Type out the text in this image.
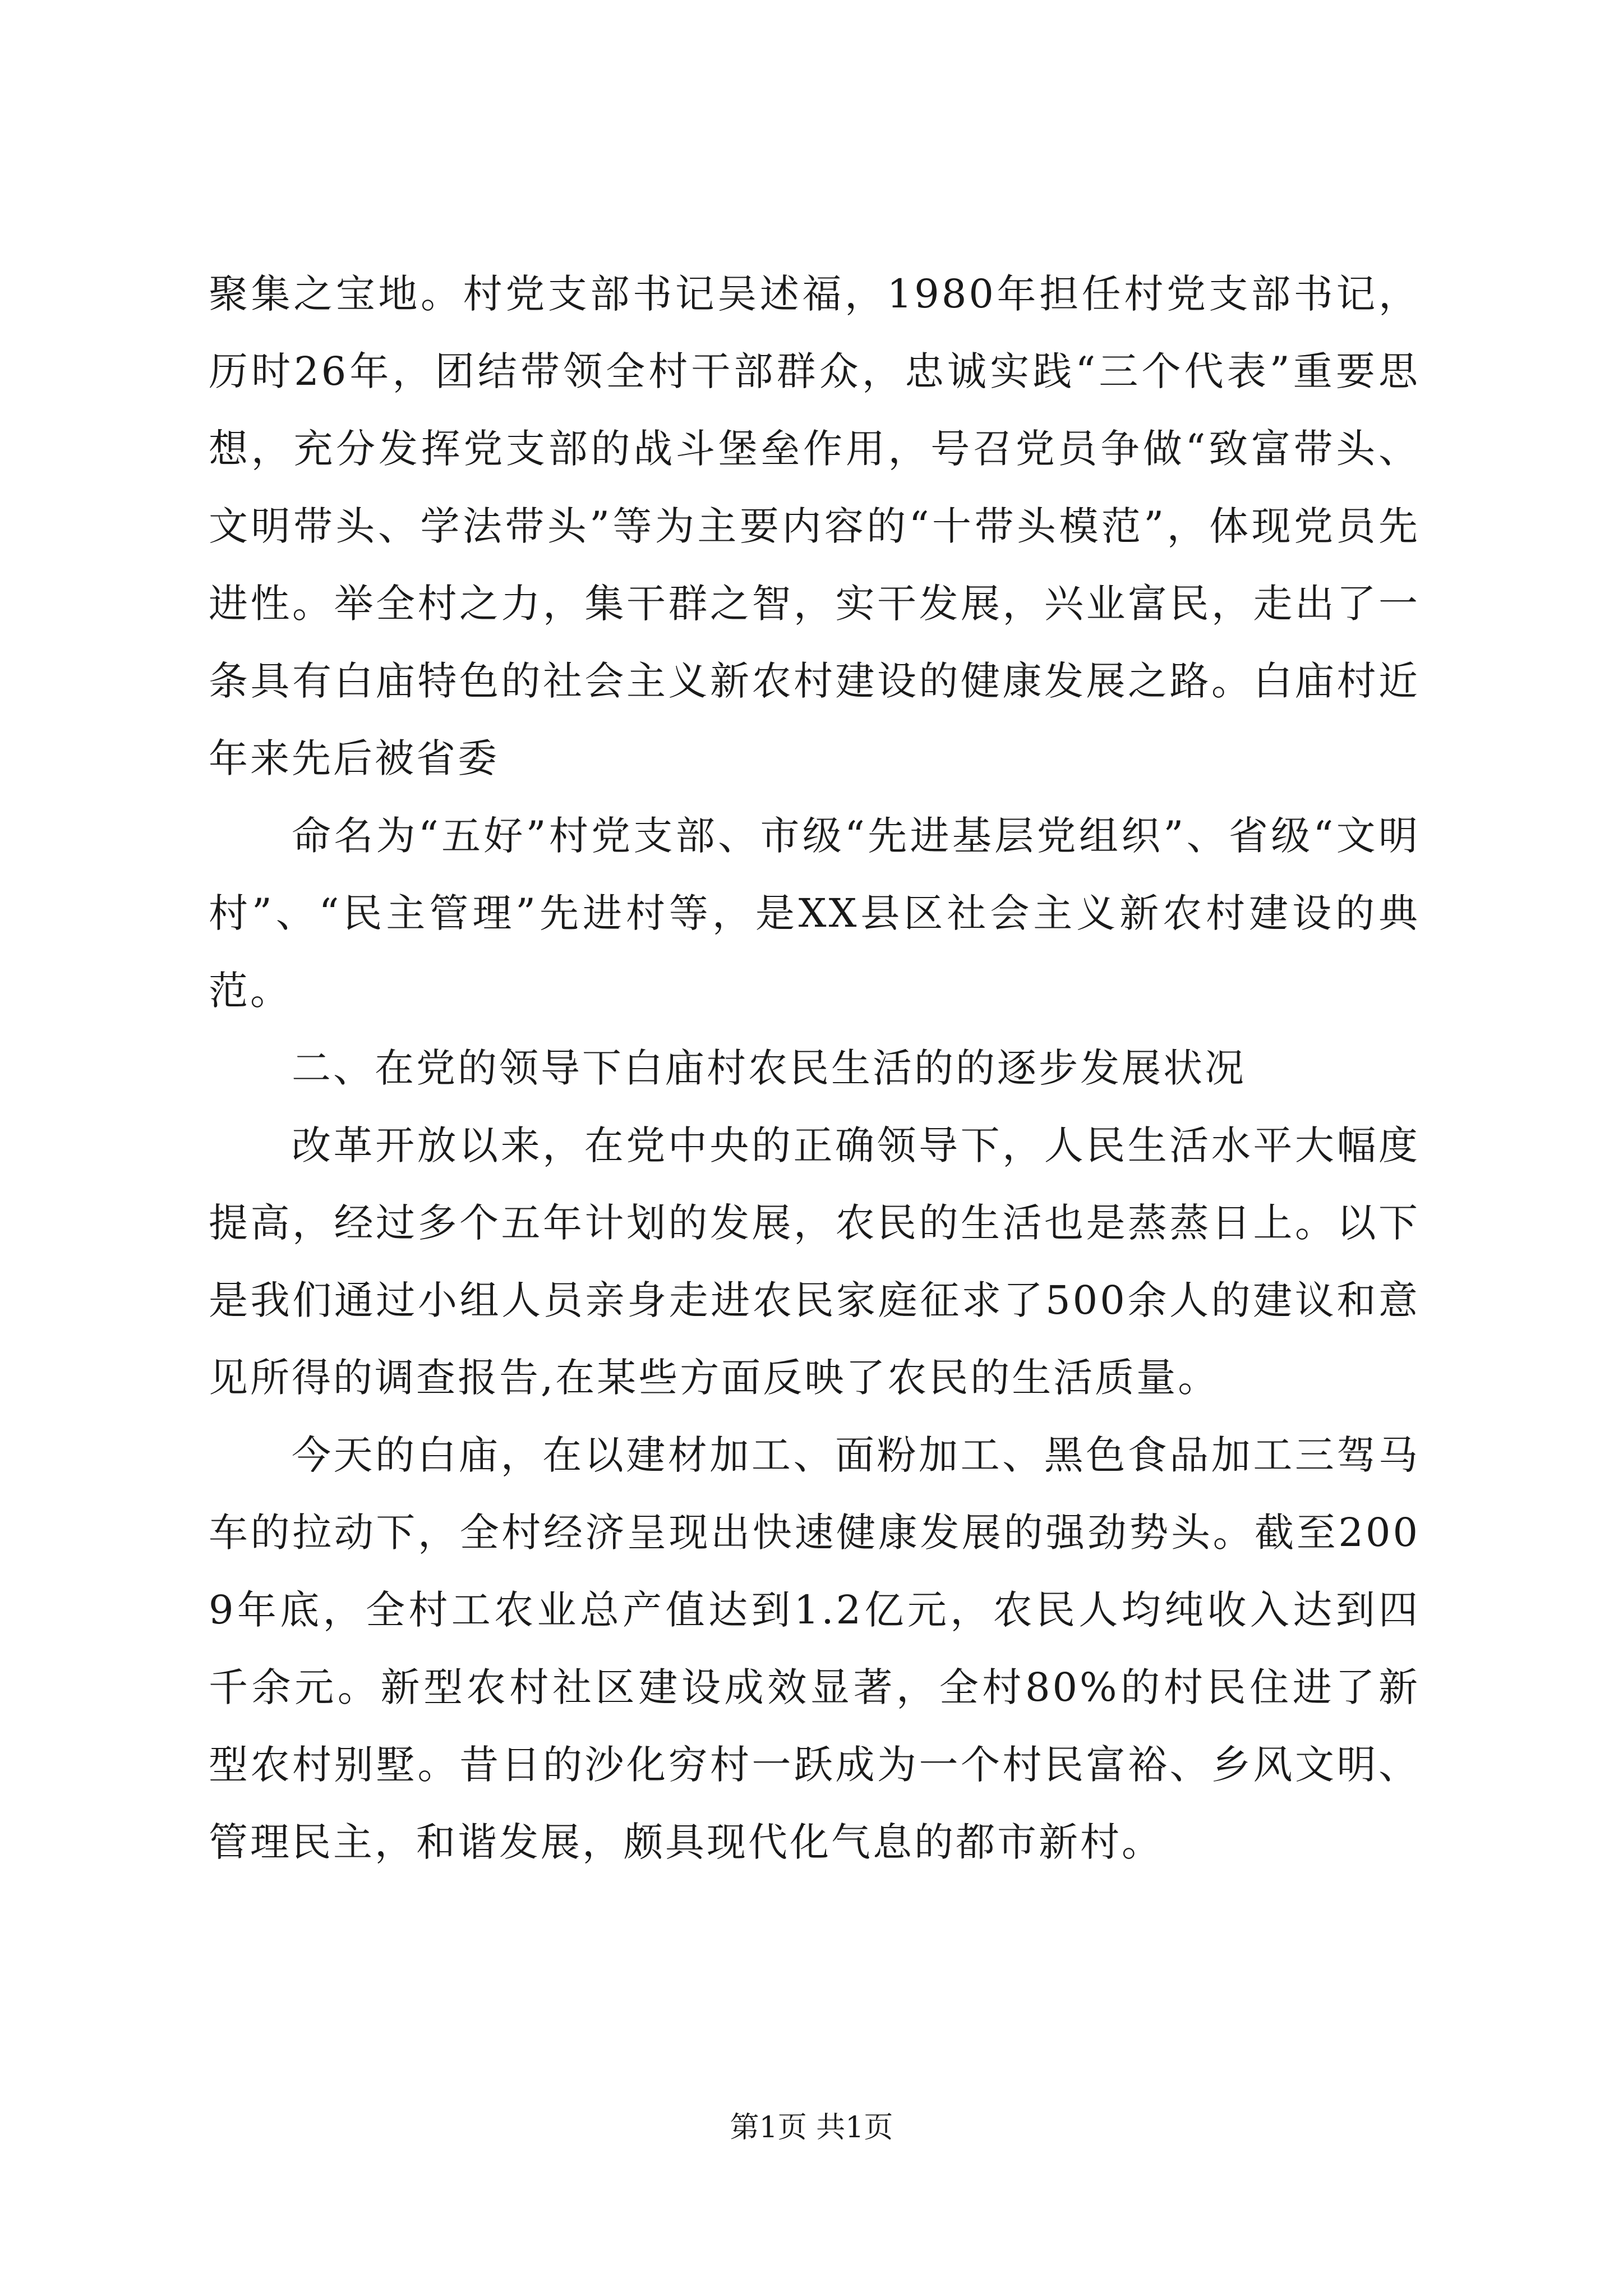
聚集之宝地。村党支部书记吴述福，1980年担任村党支部书记，历时26年，团结带领全村干部群众，忠诚实践“三个代表”重要思想，充分发挥党支部的战斗堡垒作用，号召党员争做“致富带头、文明带头、学法带头”等为主要内容的“十带头模范”，体现党员先进性。举全村之力，集干群之智，实干发展，兴业富民，走出了一条具有白庙特色的社会主义新农村建设的健康发展之路。白庙村近年来先后被省委

命名为“五好”村党支部、市级“先进基层党组织”、省级“文明村”、“民主管理”先进村等，是XX县区社会主义新农村建设的典范。

二、在党的领导下白庙村农民生活的的逐步发展状况

改革开放以来，在党中央的正确领导下，人民生活水平大幅度提高，经过多个五年计划的发展，农民的生活也是蒸蒸日上。以下是我们通过小组人员亲身走进农民家庭征求了500余人的建议和意见所得的调查报告,在某些方面反映了农民的生活质量。

今天的白庙，在以建材加工、面粉加工、黑色食品加工三驾马车的拉动下，全村经济呈现出快速健康发展的强劲势头。截至2009年底，全村工农业总产值达到1.2亿元，农民人均纯收入达到四千余元。新型农村社区建设成效显著，全村80%的村民住进了新型农村别墅。昔日的沙化穷村一跃成为一个村民富裕、乡风文明、管理民主，和谐发展，颇具现代化气息的都市新村。

第1页 共1页
